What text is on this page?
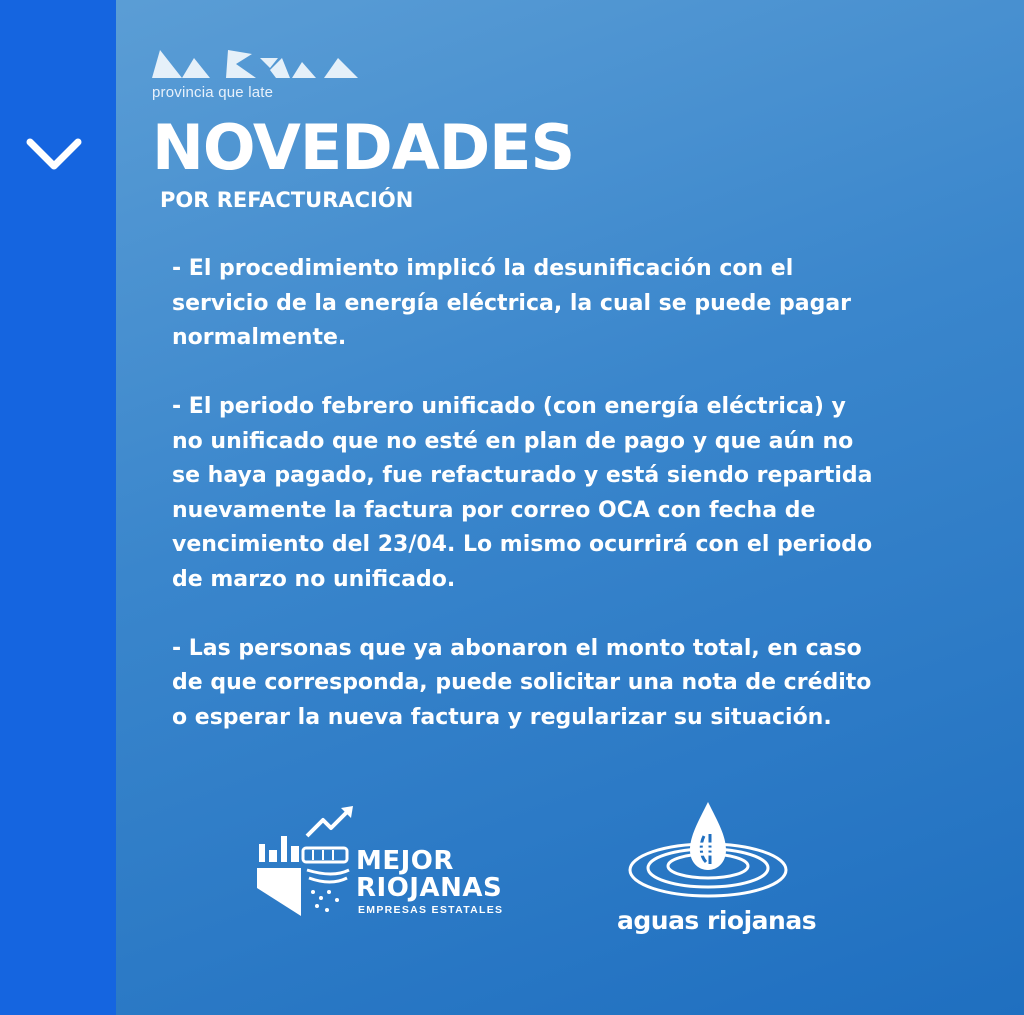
provincia que late
NOVEDADES
POR REFACTURACIÓN

- El procedimiento implicó la desunificación con el
servicio de la energía eléctrica, la cual se puede pagar
normalmente.

- El periodo febrero unificado (con energía eléctrica) y
no unificado que no esté en plan de pago y que aún no
se haya pagado, fue refacturado y está siendo repartida
nuevamente la factura por correo OCA con fecha de
vencimiento del 23/04. Lo mismo ocurrirá con el periodo
de marzo no unificado.

- Las personas que ya abonaron el monto total, en caso
de que corresponda, puede solicitar una nota de crédito
o esperar la nueva factura y regularizar su situación.

MEJOR
RIOJANAS
EMPRESAS ESTATALES	aguas riojanas
